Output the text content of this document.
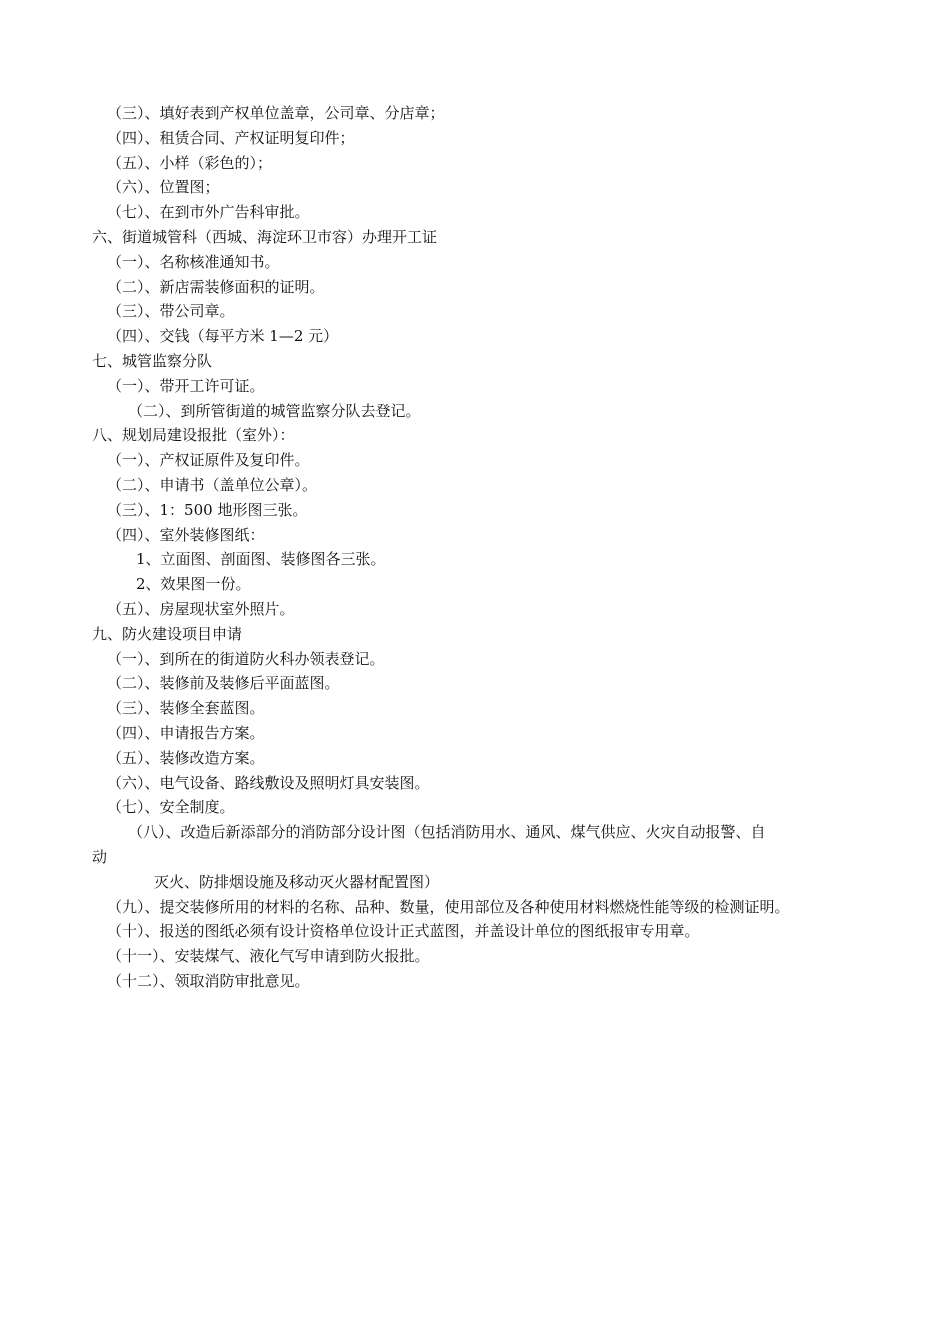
（三）、填好表到产权单位盖章，公司章、分店章；
（四）、租赁合同、产权证明复印件；
（五）、小样（彩色的）；
（六）、位置图；
（七）、在到市外广告科审批。
六、街道城管科（西城、海淀环卫市容）办理开工证
（一）、名称核准通知书。
（二）、新店需装修面积的证明。
（三）、带公司章。
（四）、交钱（每平方米 1—2 元）
七、城管监察分队
（一）、带开工许可证。
（二）、到所管街道的城管监察分队去登记。
八、规划局建设报批（室外）：
（一）、产权证原件及复印件。
（二）、申请书（盖单位公章）。
（三）、1：500 地形图三张。
（四）、室外装修图纸：
1、立面图、剖面图、装修图各三张。
2、效果图一份。
（五）、房屋现状室外照片。
九、防火建设项目申请
（一）、到所在的街道防火科办领表登记。
（二）、装修前及装修后平面蓝图。
（三）、装修全套蓝图。
（四）、申请报告方案。
（五）、装修改造方案。
（六）、电气设备、路线敷设及照明灯具安装图。
（七）、安全制度。
（八）、改造后新添部分的消防部分设计图（包括消防用水、通风、煤气供应、火灾自动报警、自
动
灭火、防排烟设施及移动灭火器材配置图）
（九）、提交装修所用的材料的名称、品种、数量，使用部位及各种使用材料燃烧性能等级的检测证明。
（十）、报送的图纸必须有设计资格单位设计正式蓝图，并盖设计单位的图纸报审专用章。
（十一）、安装煤气、液化气写申请到防火报批。
（十二）、领取消防审批意见。
